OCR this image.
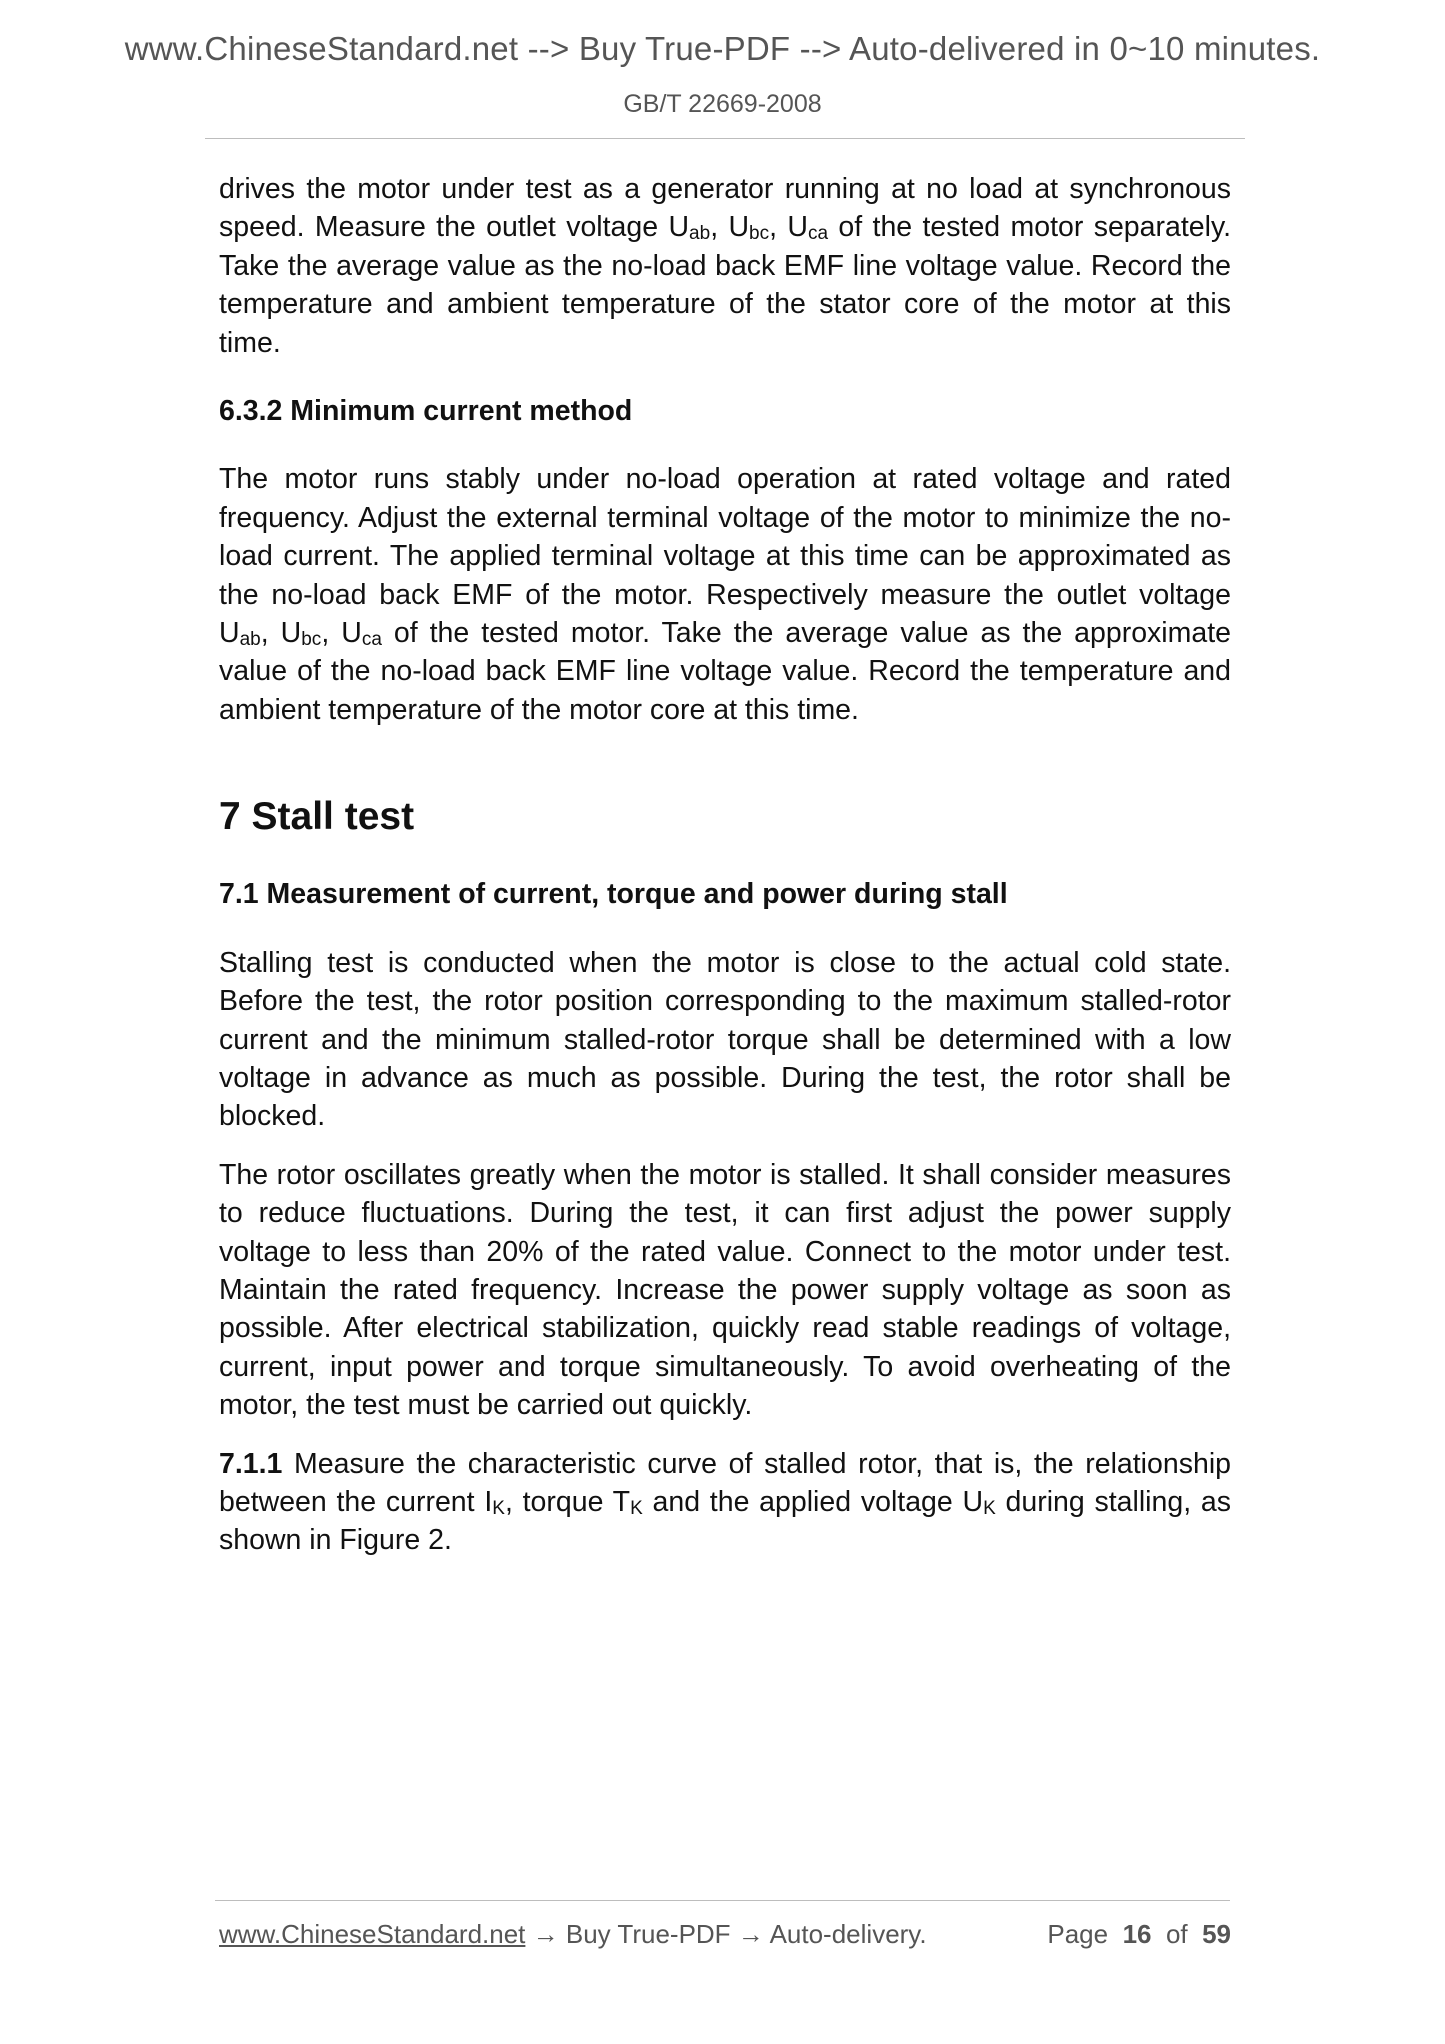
www.ChineseStandard.net --> Buy True-PDF --> Auto-delivered in 0~10 minutes.
GB/T 22669-2008

drives the motor under test as a generator running at no load at synchronous speed. Measure the outlet voltage $U_{ab}$, $U_{bc}$, $U_{ca}$ of the tested motor separately. Take the average value as the no-load back EMF line voltage value. Record the temperature and ambient temperature of the stator core of the motor at this time.

6.3.2 Minimum current method

The motor runs stably under no-load operation at rated voltage and rated frequency. Adjust the external terminal voltage of the motor to minimize the no-load current. The applied terminal voltage at this time can be approximated as the no-load back EMF of the motor. Respectively measure the outlet voltage $U_{ab}$, $U_{bc}$, $U_{ca}$ of the tested motor. Take the average value as the approximate value of the no-load back EMF line voltage value. Record the temperature and ambient temperature of the motor core at this time.

7 Stall test
7.1 Measurement of current, torque and power during stall

Stalling test is conducted when the motor is close to the actual cold state. Before the test, the rotor position corresponding to the maximum stalled-rotor current and the minimum stalled-rotor torque shall be determined with a low voltage in advance as much as possible. During the test, the rotor shall be blocked.

The rotor oscillates greatly when the motor is stalled. It shall consider measures to reduce fluctuations. During the test, it can first adjust the power supply voltage to less than 20% of the rated value. Connect to the motor under test. Maintain the rated frequency. Increase the power supply voltage as soon as possible. After electrical stabilization, quickly read stable readings of voltage, current, input power and torque simultaneously. To avoid overheating of the motor, the test must be carried out quickly.

7.1.1 Measure the characteristic curve of stalled rotor, that is, the relationship between the current $I_K$, torque $T_K$ and the applied voltage $U_K$ during stalling, as shown in Figure 2.

www.ChineseStandard.net → Buy True-PDF → Auto-delivery.	Page 16 of 59
